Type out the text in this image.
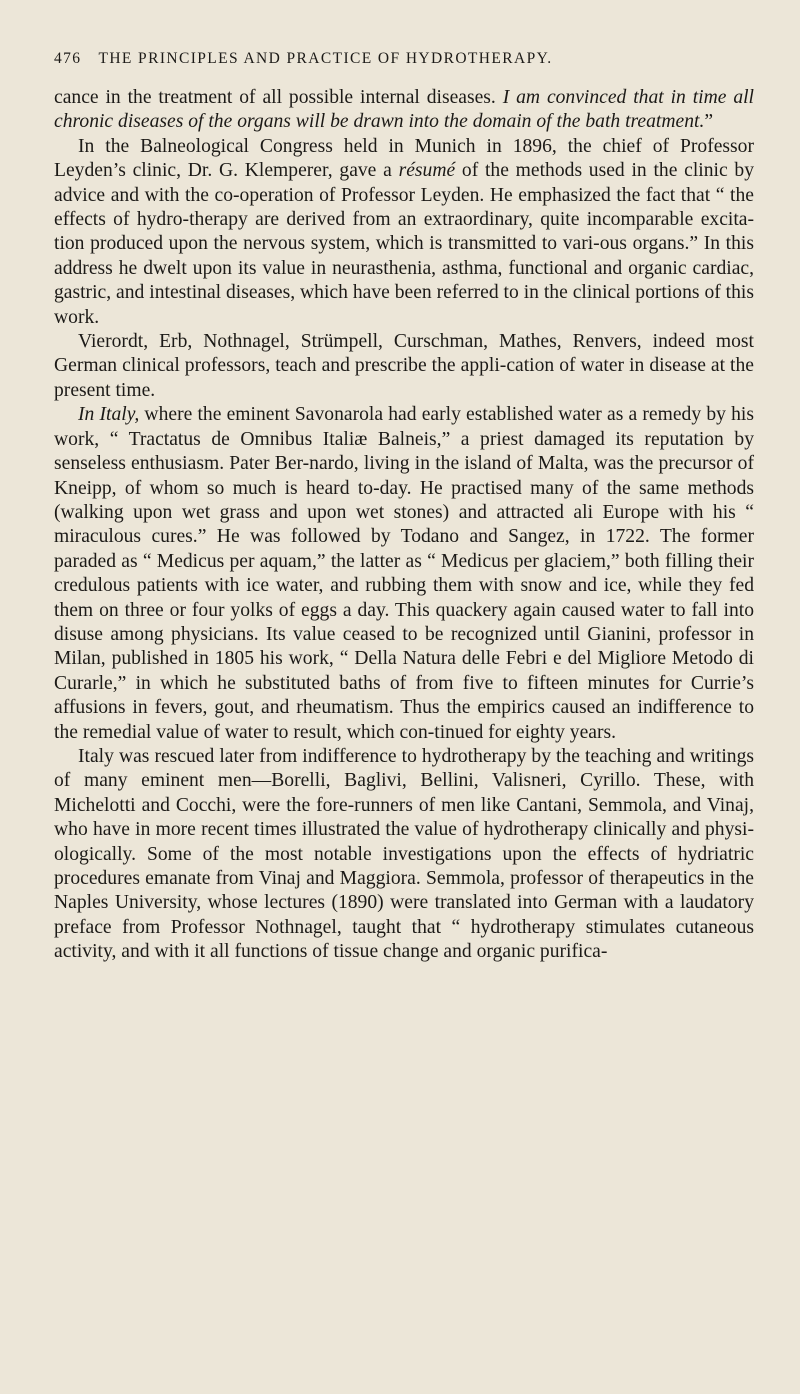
476 THE PRINCIPLES AND PRACTICE OF HYDROTHERAPY.

cance in the treatment of all possible internal diseases. I am convinced that in time all chronic diseases of the organs will be drawn into the domain of the bath treatment.”

In the Balneological Congress held in Munich in 1896, the chief of Professor Leyden’s clinic, Dr. G. Klemperer, gave a résumé of the methods used in the clinic by advice and with the co-operation of Professor Leyden. He emphasized the fact that “ the effects of hydro-therapy are derived from an extraordinary, quite incomparable excita-tion produced upon the nervous system, which is transmitted to vari-ous organs.” In this address he dwelt upon its value in neurasthenia, asthma, functional and organic cardiac, gastric, and intestinal diseases, which have been referred to in the clinical portions of this work.

Vierordt, Erb, Nothnagel, Strümpell, Curschman, Mathes, Renvers, indeed most German clinical professors, teach and prescribe the appli-cation of water in disease at the present time.

In Italy, where the eminent Savonarola had early established water as a remedy by his work, “ Tractatus de Omnibus Italiæ Balneis,” a priest damaged its reputation by senseless enthusiasm. Pater Ber-nardo, living in the island of Malta, was the precursor of Kneipp, of whom so much is heard to-day. He practised many of the same methods (walking upon wet grass and upon wet stones) and attracted ali Europe with his “ miraculous cures.” He was followed by Todano and Sangez, in 1722. The former paraded as “ Medicus per aquam,” the latter as “ Medicus per glaciem,” both filling their credulous patients with ice water, and rubbing them with snow and ice, while they fed them on three or four yolks of eggs a day. This quackery again caused water to fall into disuse among physicians. Its value ceased to be recognized until Gianini, professor in Milan, published in 1805 his work, “ Della Natura delle Febri e del Migliore Metodo di Curarle,” in which he substituted baths of from five to fifteen minutes for Currie’s affusions in fevers, gout, and rheumatism. Thus the empirics caused an indifference to the remedial value of water to result, which con-tinued for eighty years.

Italy was rescued later from indifference to hydrotherapy by the teaching and writings of many eminent men—Borelli, Baglivi, Bellini, Valisneri, Cyrillo. These, with Michelotti and Cocchi, were the fore-runners of men like Cantani, Semmola, and Vinaj, who have in more recent times illustrated the value of hydrotherapy clinically and physi-ologically. Some of the most notable investigations upon the effects of hydriatric procedures emanate from Vinaj and Maggiora. Semmola, professor of therapeutics in the Naples University, whose lectures (1890) were translated into German with a laudatory preface from Professor Nothnagel, taught that “ hydrotherapy stimulates cutaneous activity, and with it all functions of tissue change and organic purifica-
